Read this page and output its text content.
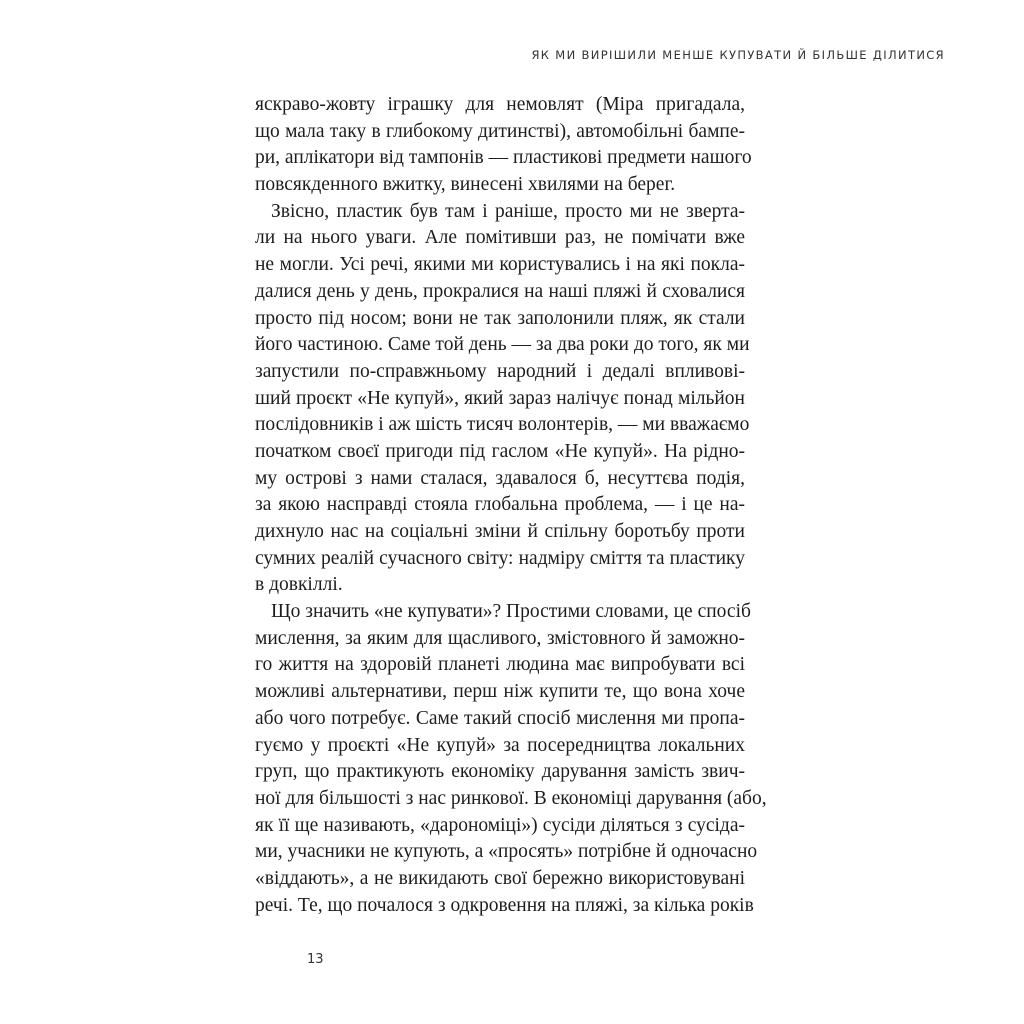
ЯК МИ ВИРІШИЛИ МЕНШЕ КУПУВАТИ Й БІЛЬШЕ ДІЛИТИСЯ
яскраво-жовту іграшку для немовлят (Міра пригадала,
що мала таку в глибокому дитинстві), автомобільні бампе-
ри, аплікатори від тампонів — пластикові предмети нашого
повсякденного вжитку, винесені хвилями на берег.
Звісно, пластик був там і раніше, просто ми не зверта-
ли на нього уваги. Але помітивши раз, не помічати вже
не могли. Усі речі, якими ми користувались і на які покла-
далися день у день, прокралися на наші пляжі й сховалися
просто під носом; вони не так заполонили пляж, як стали
його частиною. Саме той день — за два роки до того, як ми
запустили по-справжньому народний і дедалі впливові-
ший проєкт «Не купуй», який зараз налічує понад мільйон
послідовників і аж шість тисяч волонтерів, — ми вважаємо
початком своєї пригоди під гаслом «Не купуй». На рідно-
му острові з нами сталася, здавалося б, несуттєва подія,
за якою насправді стояла глобальна проблема, — і це на-
дихнуло нас на соціальні зміни й спільну боротьбу проти
сумних реалій сучасного світу: надміру сміття та пластику
в довкіллі.
Що значить «не купувати»? Простими словами, це спосіб
мислення, за яким для щасливого, змістовного й заможно-
го життя на здоровій планеті людина має випробувати всі
можливі альтернативи, перш ніж купити те, що вона хоче
або чого потребує. Саме такий спосіб мислення ми пропа-
гуємо у проєкті «Не купуй» за посередництва локальних
груп, що практикують економіку дарування замість звич-
ної для більшості з нас ринкової. В економіці дарування (або,
як її ще називають, «дарономіці») сусіди діляться з сусіда-
ми, учасники не купують, а «просять» потрібне й одночасно
«віддають», а не викидають свої бережно використовувані
речі. Те, що почалося з одкровення на пляжі, за кілька років
13
